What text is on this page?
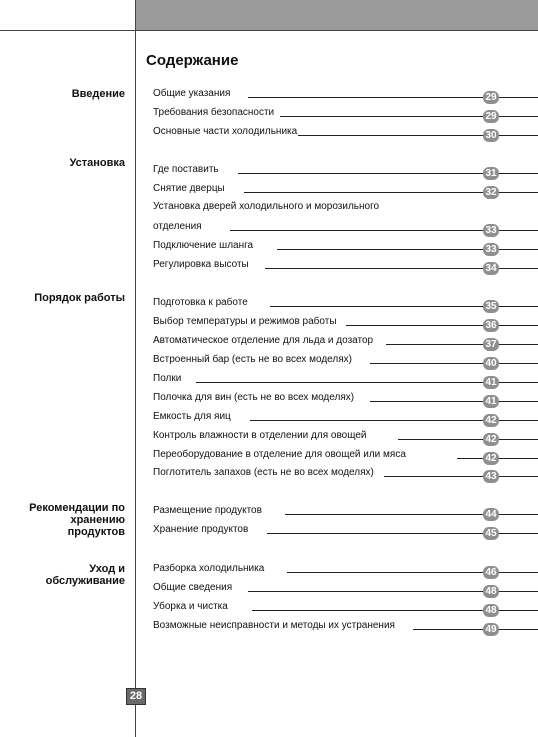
Содержание
Введение
Установка
Порядок работы
Рекомендации по
хранению
продуктов
Уход и
обслуживание
Общие указания	29
Требования безопасности	29
Основные части холодильника	30
Где поставить	31
Снятие дверцы	32
Установка дверей холодильного и морозильного
отделения	33
Подключение шланга	33
Регулировка высоты	34
Подготовка к работе	35
Выбор температуры и режимов работы	36
Автоматическое отделение для льда и дозатор	37
Встроенный бар (есть не во всех моделях)	40
Полки	41
Полочка для вин (есть не во всех моделях)	41
Емкость для яиц	42
Контроль влажности в отделении для овощей	42
Переоборудование в отделение для овощей или мяса	42
Поглотитель запахов (есть не во всех моделях)	43
Размещение продуктов	44
Хранение продуктов	45
Разборка холодильника	46
Общие сведения	48
Уборка и чистка	48
Возможные неисправности и методы их устранения	49
28
